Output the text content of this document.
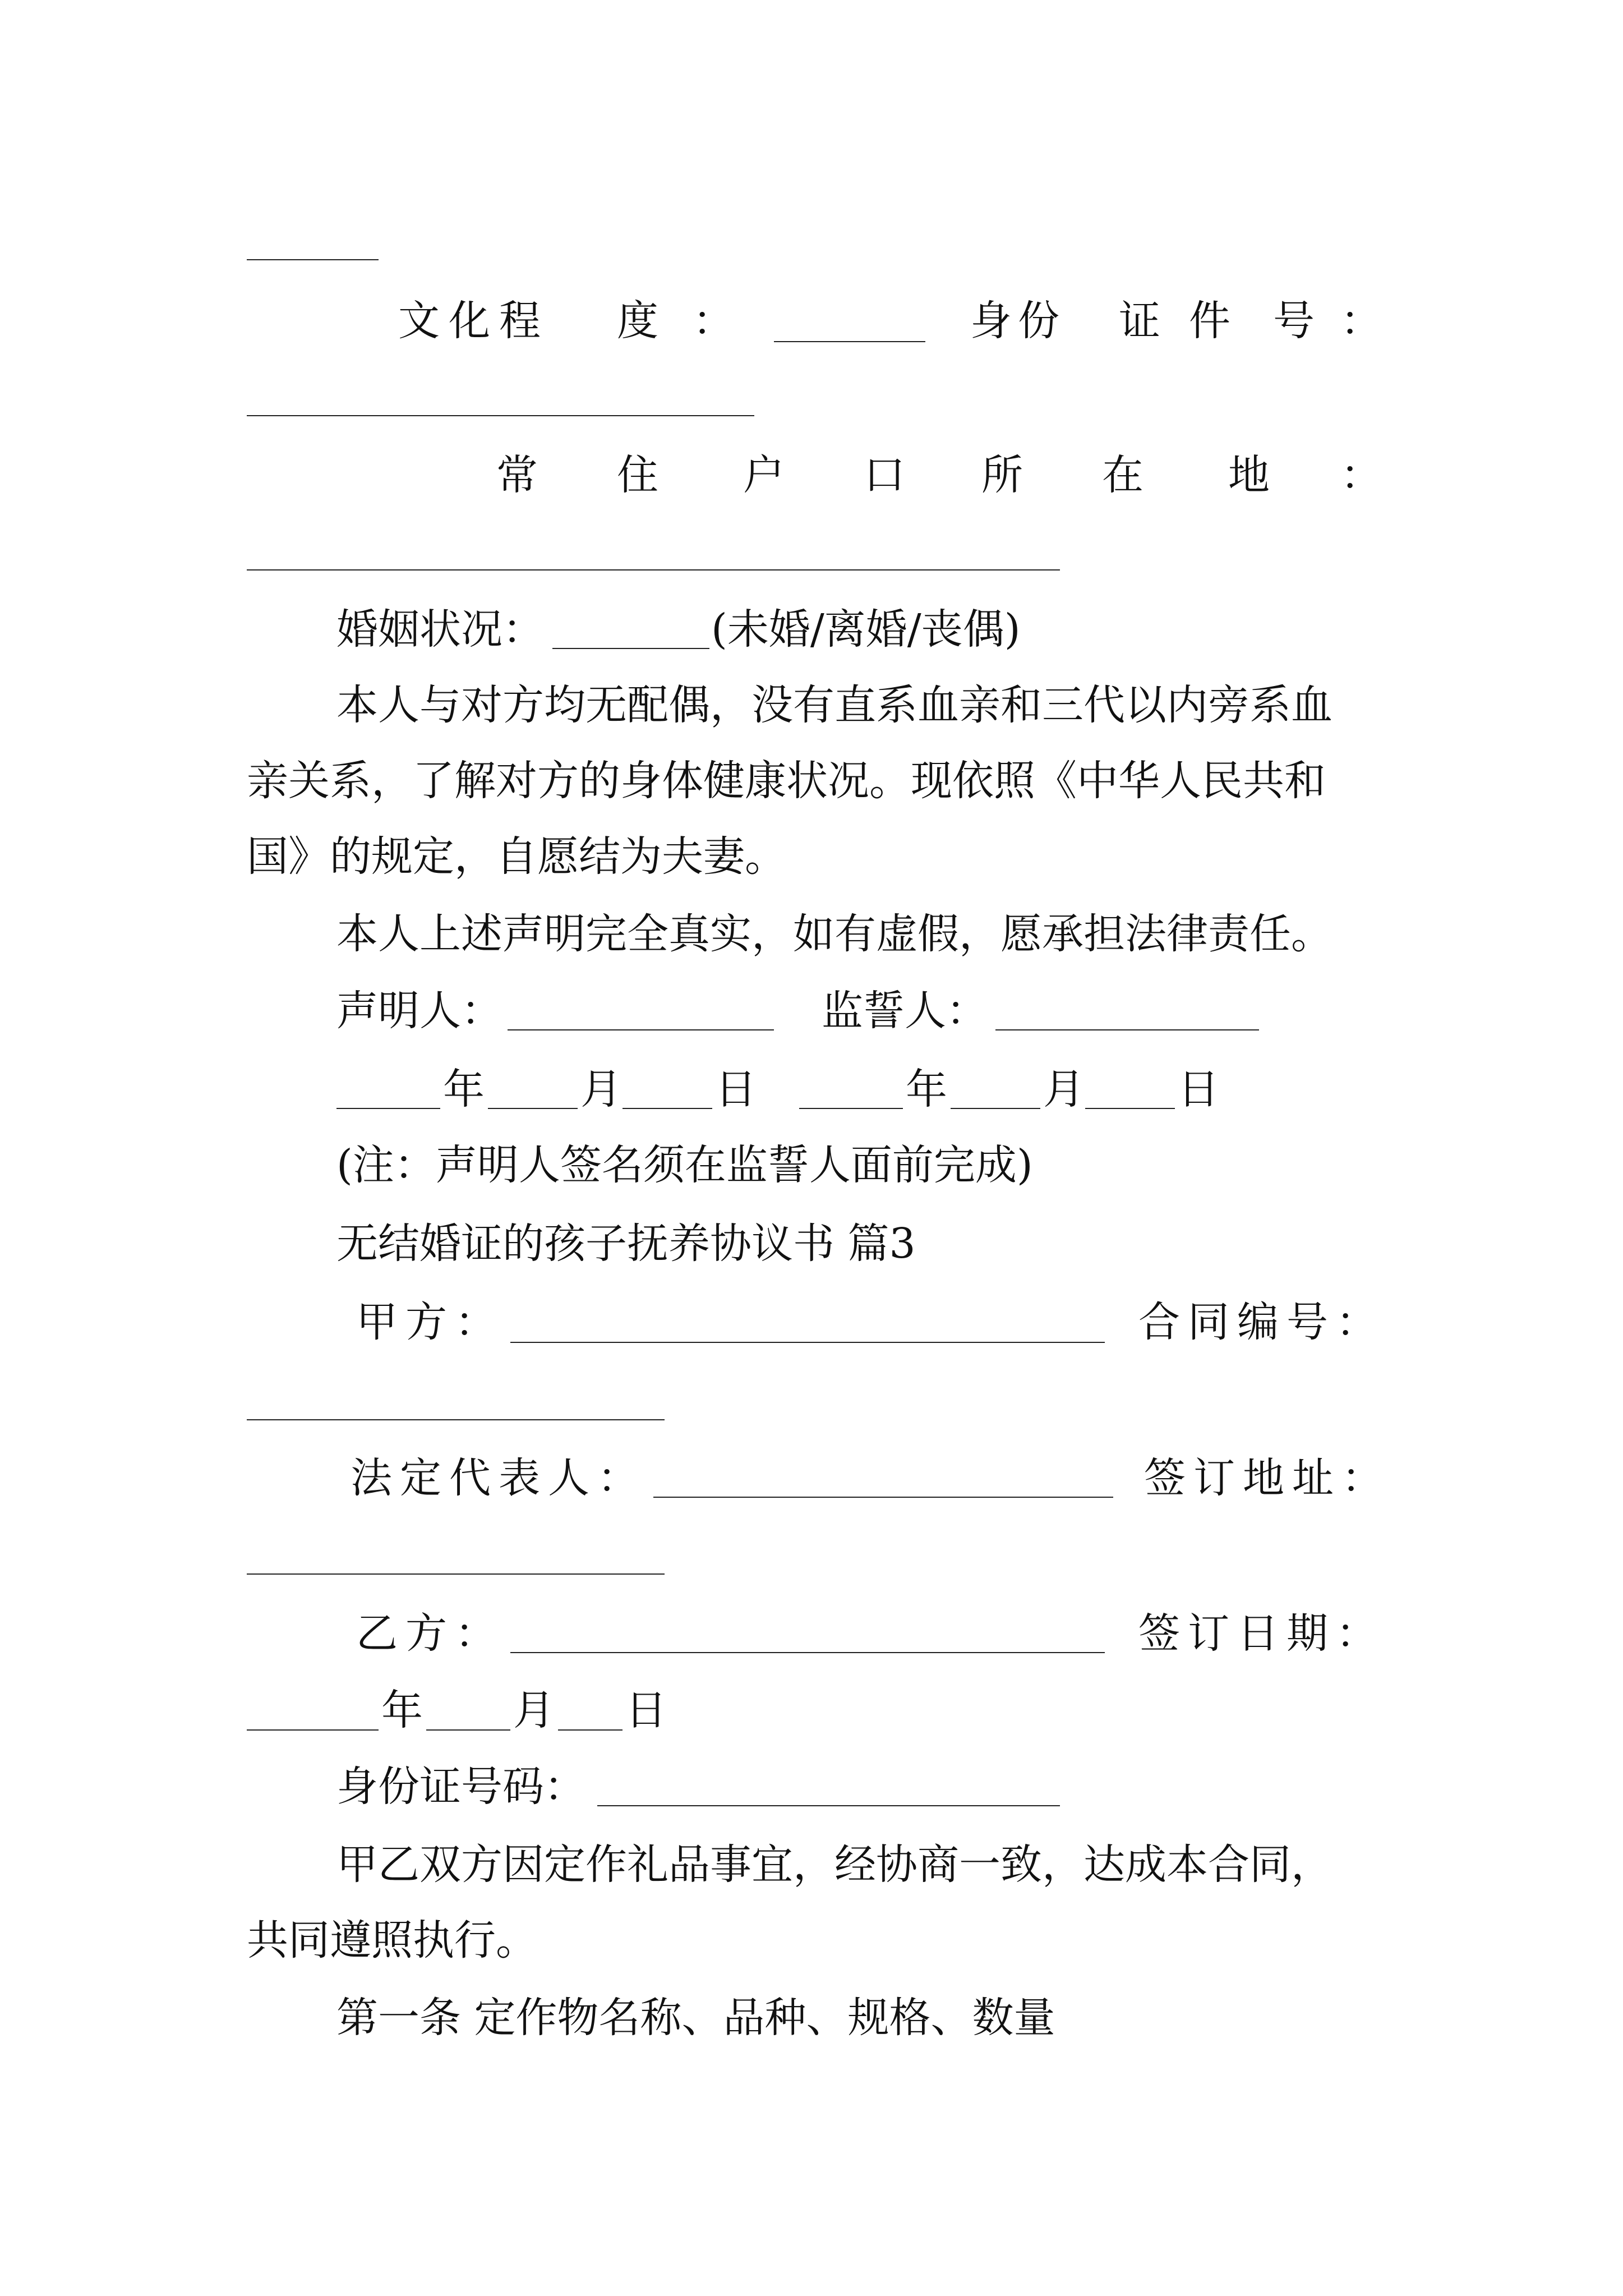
文 化 程 度 ：	身 份 证 件 号 ：
常 住 户 口 所 在 地 ：
婚姻状况：	(未婚/离婚/丧偶)
本人与对方均无配偶，没有直系血亲和三代以内旁系血
亲关系，了解对方的身体健康状况。现依照《中华人民共和
国》的规定，自愿结为夫妻。
本人上述声明完全真实，如有虚假，愿承担法律责任。
声明人：	监誓人：
年 月 日	年 月 日
(注：声明人签名须在监誓人面前完成)
无结婚证的孩子抚养协议书 篇3
甲方：	合同编号：
法定代表人：	签订地址：
乙方：	签订日期：
年 月 日
身份证号码：
甲乙双方因定作礼品事宜，经协商一致，达成本合同，
共同遵照执行。
第一条 定作物名称、品种、规格、数量
